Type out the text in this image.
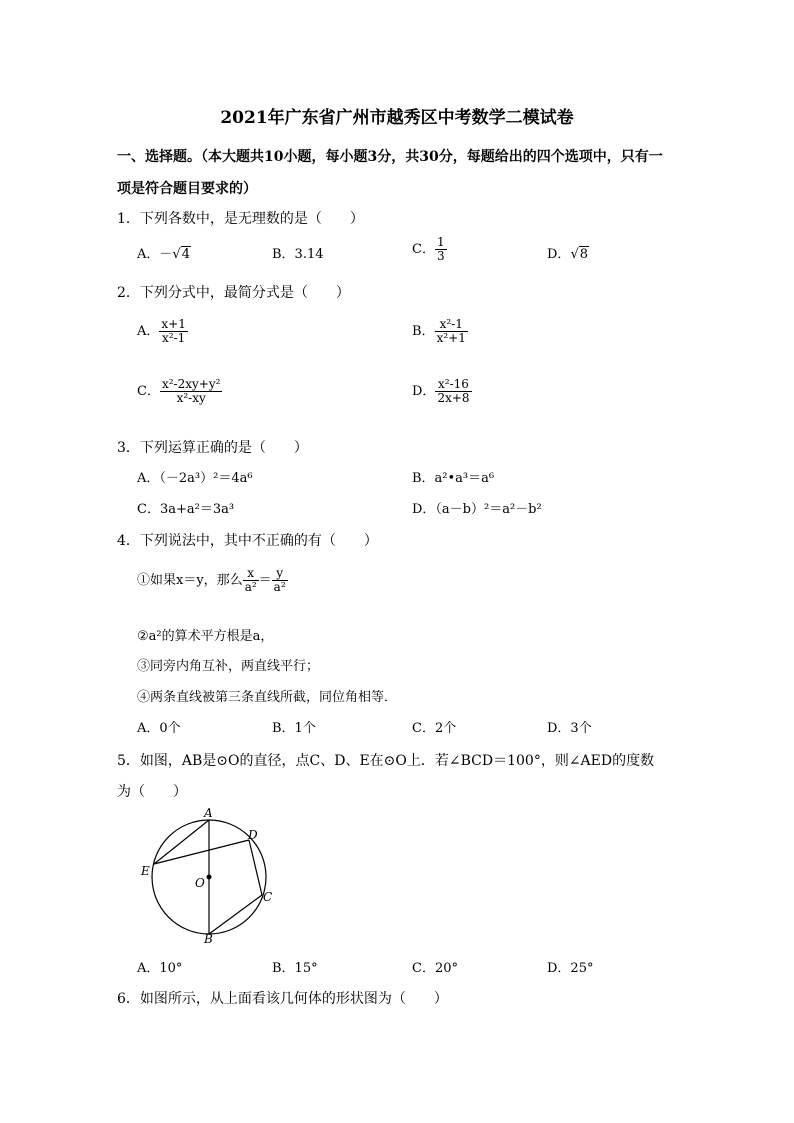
2021年广东省广州市越秀区中考数学二模试卷
一、选择题。（本大题共10小题，每小题3分，共30分，每题给出的四个选项中，只有一
项是符合题目要求的）
1．下列各数中，是无理数的是（　　）
A．－√4	B．3.14	C． $\frac{1}{3}$	D．√8
2．下列分式中，最简分式是（　　）
A． $\frac{x+1}{\text{x²-1}}$	B． $\frac{\text{x²-1}}{\text{x²+1}}$
C． $\frac{\text{x²-2xy+y²}}{\text{x²-xy}}$	D． $\frac{\text{x²-16}}{2x+8}$
3．下列运算正确的是（　　）
A．（－2a³）²＝4a⁶	B．a²•a³＝a⁶
C．3a+a²＝3a³	D．（a－b）²＝a²－b²
4．下列说法中，其中不正确的有（　　）
①如果x＝y，那么 $\frac{x}{\text{a²}} = \frac{y}{\text{a²}}$
②a²的算术平方根是a，
③同旁内角互补，两直线平行；
④两条直线被第三条直线所截，同位角相等．
A．0个	B．1个	C．2个	D．3个
5．如图，AB是⊙O的直径，点C、D、E在⊙O上．若∠BCD＝100°，则∠AED的度数
为（　　）
A
B
C
D
E
O
A．10°	B．15°	C．20°	D．25°
6．如图所示，从上面看该几何体的形状图为（　　）
